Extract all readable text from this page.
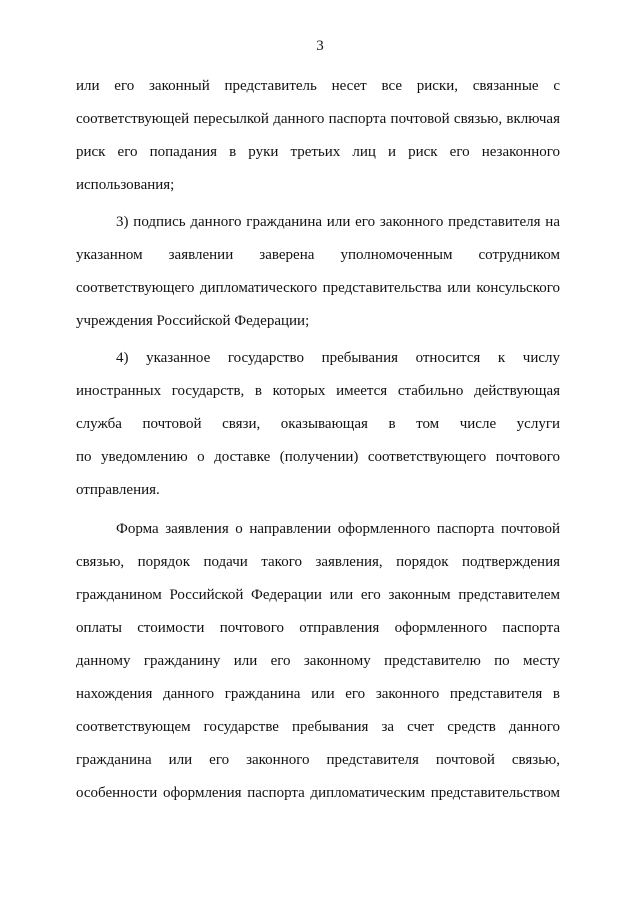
3
или его законный представитель несет все риски, связанные с
соответствующей пересылкой данного паспорта почтовой связью, включая
риск его попадания в руки третьих лиц и риск его незаконного
использования;
3) подпись данного гражданина или его законного представителя на
указанном заявлении заверена уполномоченным сотрудником
соответствующего дипломатического представительства или консульского
учреждения Российской Федерации;
4) указанное государство пребывания относится к числу
иностранных государств, в которых имеется стабильно действующая
служба почтовой связи, оказывающая в том числе услуги
по уведомлению о доставке (получении) соответствующего почтового
отправления.
Форма заявления о направлении оформленного паспорта почтовой
связью, порядок подачи такого заявления, порядок подтверждения
гражданином Российской Федерации или его законным представителем
оплаты стоимости почтового отправления оформленного паспорта
данному гражданину или его законному представителю по месту
нахождения данного гражданина или его законного представителя в
соответствующем государстве пребывания за счет средств данного
гражданина или его законного представителя почтовой связью,
особенности оформления паспорта дипломатическим представительством
